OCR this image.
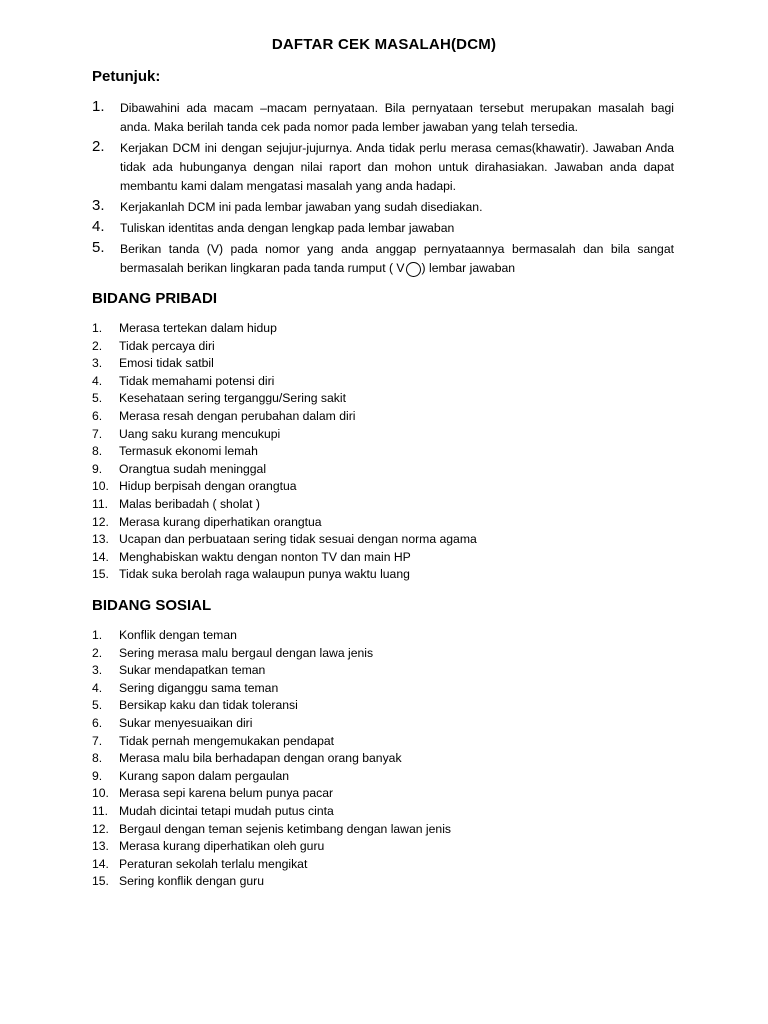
DAFTAR CEK MASALAH(DCM)
Petunjuk:
1. Dibawahini ada macam –macam pernyataan. Bila pernyataan tersebut merupakan masalah bagi anda. Maka berilah tanda cek pada nomor pada lember jawaban yang telah tersedia.
2. Kerjakan DCM ini dengan sejujur-jujurnya. Anda tidak perlu merasa cemas(khawatir). Jawaban Anda tidak ada hubunganya dengan nilai raport dan mohon untuk dirahasiakan. Jawaban anda dapat membantu kami dalam mengatasi masalah yang anda hadapi.
3. Kerjakanlah DCM ini pada lembar jawaban yang sudah disediakan.
4. Tuliskan identitas anda dengan lengkap pada lembar jawaban
5. Berikan tanda (V) pada nomor yang anda anggap pernyataannya bermasalah dan bila sangat bermasalah berikan lingkaran pada tanda rumput ( V ) lembar jawaban
BIDANG PRIBADI
1. Merasa tertekan dalam hidup
2. Tidak percaya diri
3. Emosi tidak satbil
4. Tidak memahami potensi diri
5. Kesehataan sering terganggu/Sering sakit
6. Merasa resah dengan perubahan dalam diri
7. Uang saku kurang mencukupi
8. Termasuk ekonomi lemah
9. Orangtua sudah meninggal
10. Hidup berpisah dengan orangtua
11. Malas beribadah ( sholat )
12. Merasa kurang diperhatikan orangtua
13. Ucapan dan perbuataan sering tidak sesuai dengan norma agama
14. Menghabiskan waktu dengan nonton TV dan main HP
15. Tidak suka berolah raga walaupun punya waktu luang
BIDANG SOSIAL
1. Konflik dengan teman
2. Sering merasa malu bergaul dengan lawa jenis
3. Sukar mendapatkan teman
4. Sering diganggu sama teman
5. Bersikap kaku dan tidak toleransi
6. Sukar menyesuaikan diri
7. Tidak pernah mengemukakan pendapat
8. Merasa malu bila berhadapan dengan orang banyak
9. Kurang sapon dalam pergaulan
10. Merasa sepi karena belum punya pacar
11. Mudah dicintai tetapi mudah putus cinta
12. Bergaul dengan teman sejenis ketimbang dengan lawan jenis
13. Merasa kurang diperhatikan oleh guru
14. Peraturan sekolah terlalu mengikat
15. Sering konflik dengan guru
